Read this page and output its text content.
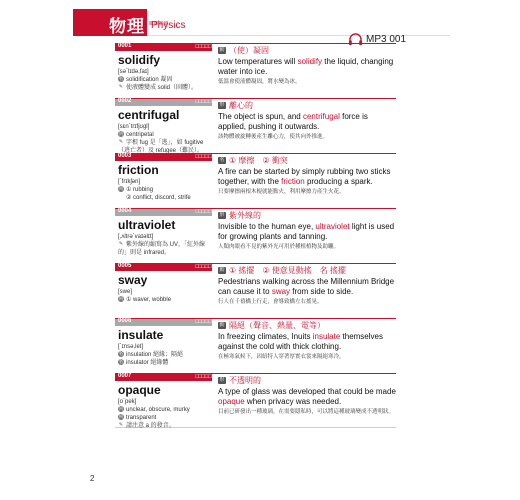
物理 Physics
MP3 001
0001	□□□□□
solidify
[sə`lɪdə,faɪ]
名 solidification 凝固
✎ 使液體變成 solid（固體）。
動 （使）凝固
Low temperatures will solidify the liquid, changing water into ice.
低溫會使液體凝固，將水變為冰。
0002	□□□□□
centrifugal
[sɛn`trɪfjʊgl]
同 centripetal
✎ 字根 fug 是「逃」，如 fugitive（逃亡者）及 refugee（難民）。
形 離心的
The object is spun, and centrifugal force is applied, pushing it outwards.
該物體被旋轉後產生離心力，使其向外推進。
0003	□□□□□
friction
[`frɪkʃən]
同 ① rubbing
② conflict, discord, strife
名 ① 摩擦　② 衝突
A fire can be started by simply rubbing two sticks together, with the friction producing a spark.
只要摩擦兩根木棍就能點火，利用摩擦力產生火花。
0004	□□□□□
ultraviolet
[,ʌltrə`vaɪəlɪt]
✎ 紫外線的縮寫為 UV，「紅外線的」則是 infrared。
形 紫外線的
Invisible to the human eye, ultraviolet light is used for growing plants and tanning.
人類肉眼看不見的紫外光可用於種植植物及助曬。
0005	□□□□□
sway
[swe]
同 ① waver, wobble
動 ① 搖擺　② 使意見動搖　名 搖擺
Pedestrians walking across the Millennium Bridge can cause it to sway from side to side.
行人在千禧橋上行走，會導致橋左右搖晃。
0006	□□□□□
insulate
[`ɪnsə,let]
名 insulation 絕緣；隔絕
名 insulator 絕緣體
動 隔絕（聲音、熱量、電等）
In freezing climates, Inuits insulate themselves against the cold with thick clothing.
在極寒氣候下，因紐特人穿著厚實衣裳來隔絕寒冷。
0007	□□□□□
opaque
[o`pek]
同 unclear, obscure, murky
同 transparent
✎ 請注意 a 的發音。
形 不透明的
A type of glass was developed that could be made opaque when privacy was needed.
目前已研發出一種玻璃，在需要隱私時，可以將這種玻璃變成不透明狀。
2
